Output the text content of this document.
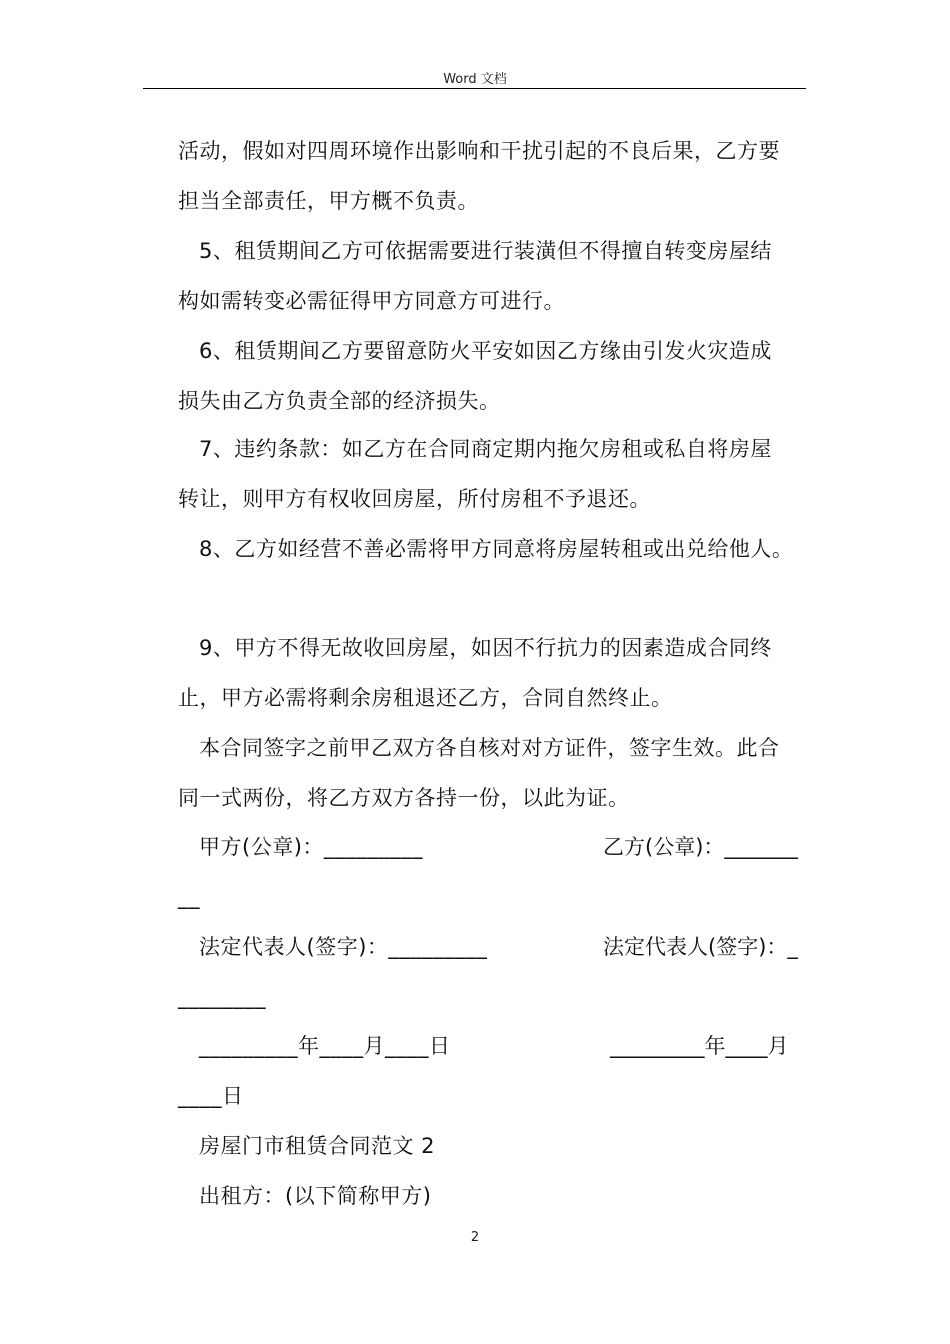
Word 文档
活动，假如对四周环境作出影响和干扰引起的不良后果，乙方要
担当全部责任，甲方概不负责。
5、租赁期间乙方可依据需要进行装潢但不得擅自转变房屋结
构如需转变必需征得甲方同意方可进行。
6、租赁期间乙方要留意防火平安如因乙方缘由引发火灾造成
损失由乙方负责全部的经济损失。
7、违约条款：如乙方在合同商定期内拖欠房租或私自将房屋
转让，则甲方有权收回房屋，所付房租不予退还。
8、乙方如经营不善必需将甲方同意将房屋转租或出兑给他人。
9、甲方不得无故收回房屋，如因不行抗力的因素造成合同终
止，甲方必需将剩余房租退还乙方，合同自然终止。
本合同签字之前甲乙双方各自核对对方证件，签字生效。此合
同一式两份，将乙方双方各持一份，以此为证。
甲方(公章)：_________	乙方(公章)：_______
__
法定代表人(签字)：_________	法定代表人(签字)：_
________
_________年____月____日	_________年____月
____日
房屋门市租赁合同范文 2
出租方：(以下简称甲方)
2
